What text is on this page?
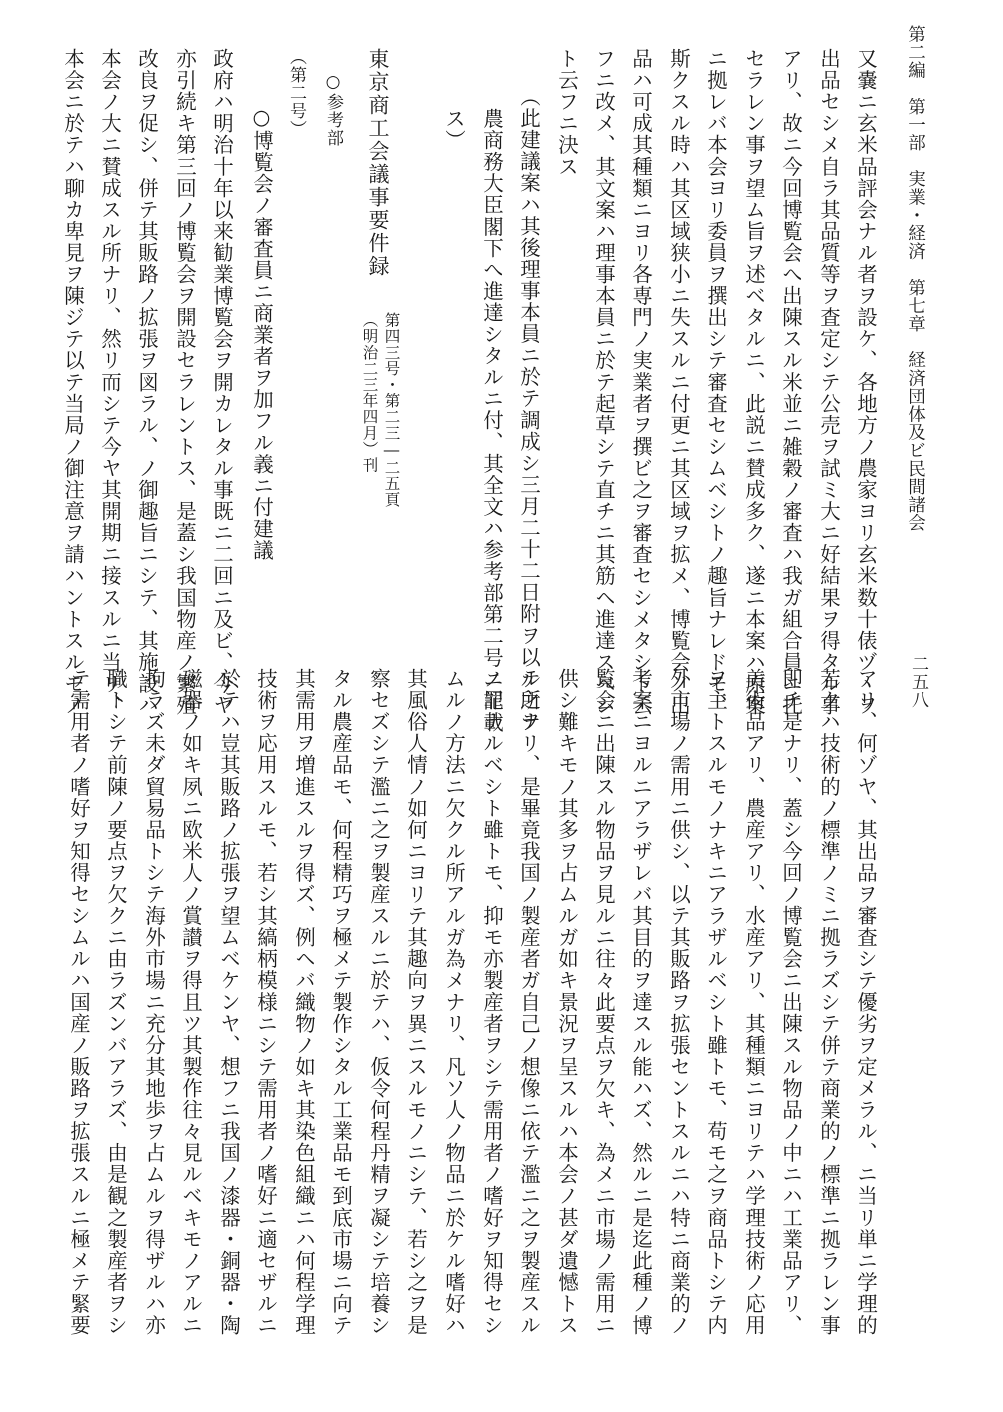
第二編　第一部　実業・経済　第七章　経済団体及ビ民間諸会
二五八
又嚢ニ玄米品評会ナル者ヲ設ケ、各地方ノ農家ヨリ玄米数十俵ヅヽヲ
出品セシメ自ラ其品質等ヲ査定シテ公売ヲ試ミ大ニ好結果ヲ得タル事
アリ、故ニ今回博覧会へ出陳スル米並ニ雑穀ノ審査ハ我ガ組合員ニ托
セラレン事ヲ望ム旨ヲ述ベタルニ、此説ニ賛成多ク、遂ニ本案ハ原案
ニ拠レバ本会ヨリ委員ヲ撰出シテ審査セシムベシトノ趣旨ナレドモ、
斯クスル時ハ其区域狭小ニ失スルニ付更ニ其区域ヲ拡メ、博覧会ノ出
品ハ可成其種類ニヨリ各専門ノ実業者ヲ撰ビ之ヲ審査セシメタシト云
フニ改メ、其文案ハ理事本員ニ於テ起草シテ直チニ其筋ヘ進達スベシ
ト云フニ決ス
（此建議案ハ其後理事本員ニ於テ調成シ三月二十二日附ヲ以テ之ヲ
農商務大臣閣下へ進達シタルニ付、其全文ハ参考部第二号ニ記載
ス）
東京商工会議事要件録
第四三号・第二三―二五頁
（明治二三年四月）刊
○参考部
（第二号）
○博覧会ノ審査員ニ商業者ヲ加フル義ニ付建議
政府ハ明治十年以来勧業博覧会ヲ開カレタル事既ニ二回ニ及ビ、今ヤ
亦引続キ第三回ノ博覧会ヲ開設セラレントス、是蓋シ我国物産ノ繁殖
改良ヲ促シ、併テ其販路ノ拡張ヲ図ラル、ノ御趣旨ニシテ、其施設ハ
本会ノ大ニ賛成スル所ナリ、然リ而シテ今ヤ其開期ニ接スルニ当リ、
本会ニ於テハ聊カ卑見ヲ陳ジテ以テ当局ノ御注意ヲ請ハントスルモノ
アリ、何ゾヤ、其出品ヲ審査シテ優劣ヲ定メラル、ニ当リ単ニ学理的
若クハ技術的ノ標準ノミニ拠ラズシテ併テ商業的ノ標準ニ拠ラレン事
即チ是ナリ、蓋シ今回ノ博覧会ニ出陳スル物品ノ中ニハ工業品アリ、
美術品アリ、農産アリ、水産アリ、其種類ニヨリテハ学理技術ノ応用
ヲ主トスルモノナキニアラザルベシト雖トモ、苟モ之ヲ商品トシテ内
外市場ノ需用ニ供シ、以テ其販路ヲ拡張セントスルニハ特ニ商業的ノ
考案ニヨルニアラザレバ其目的ヲ達スル能ハズ、然ルニ是迄此種ノ博
覧会ニ出陳スル物品ヲ見ルニ往々此要点ヲ欠キ、為メニ市場ノ需用ニ
供シ難キモノ其多ヲ占ムルガ如キ景況ヲ呈スルハ本会ノ甚ダ遺憾トス
ル所ナリ、是畢竟我国ノ製産者ガ自己ノ想像ニ依テ濫ニ之ヲ製産スル
ノ罪ナルベシト雖トモ、抑モ亦製産者ヲシテ需用者ノ嗜好ヲ知得セシ
ムルノ方法ニ欠クル所アルガ為メナリ、凡ソ人ノ物品ニ於ケル嗜好ハ
其風俗人情ノ如何ニヨリテ其趣向ヲ異ニスルモノニシテ、若シ之ヲ是
察セズシテ濫ニ之ヲ製産スルニ於テハ、仮令何程丹精ヲ凝シテ培養シ
タル農産品モ、何程精巧ヲ極メテ製作シタル工業品モ到底市場ニ向テ
其需用ヲ増進スルヲ得ズ、例ヘバ織物ノ如キ其染色組織ニハ何程学理
技術ヲ応用スルモ、若シ其縞柄模様ニシテ需用者ノ嗜好ニ適セザルニ
於テハ豈其販路ノ拡張ヲ望ムベケンヤ、想フニ我国ノ漆器・銅器・陶
磁器ノ如キ夙ニ欧米人ノ賞讃ヲ得且ツ其製作往々見ルベキモノアルニ
拘ラズ未ダ貿易品トシテ海外市場ニ充分其地歩ヲ占ムルヲ得ザルハ亦
職トシテ前陳ノ要点ヲ欠クニ由ラズンバアラズ、由是観之製産者ヲシ
テ需用者ノ嗜好ヲ知得セシムルハ国産ノ販路ヲ拡張スルニ極メテ緊要
